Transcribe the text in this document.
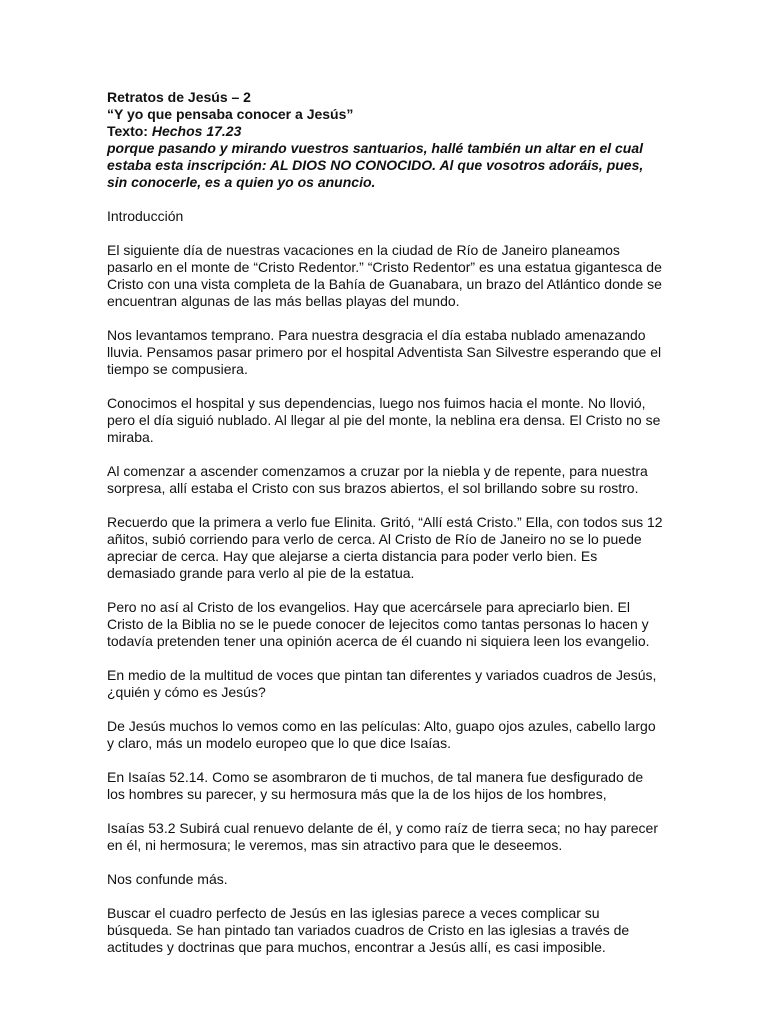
Retratos de Jesús – 2

“Y yo que pensaba conocer a Jesús”

Texto: Hechos 17.23

porque pasando y mirando vuestros santuarios, hallé también un altar en el cual estaba esta inscripción: AL DIOS NO CONOCIDO. Al que vosotros adoráis, pues, sin conocerle, es a quien yo os anuncio.

Introducción

El siguiente día de nuestras vacaciones en la ciudad de Río de Janeiro planeamos pasarlo en el monte de “Cristo Redentor.” “Cristo Redentor” es una estatua gigantesca de Cristo con una vista completa de la Bahía de Guanabara, un brazo del Atlántico donde se encuentran algunas de las más bellas playas del mundo.

Nos levantamos temprano. Para nuestra desgracia el día estaba nublado amenazando lluvia. Pensamos pasar primero por el hospital Adventista San Silvestre esperando que el tiempo se compusiera.

Conocimos el hospital y sus dependencias, luego nos fuimos hacia el monte. No llovió, pero el día siguió nublado. Al llegar al pie del monte, la neblina era densa. El Cristo no se miraba.

Al comenzar a ascender comenzamos a cruzar por la niebla y de repente, para nuestra sorpresa, allí estaba el Cristo con sus brazos abiertos, el sol brillando sobre su rostro.

Recuerdo que la primera a verlo fue Elinita. Gritó, “Allí está Cristo.” Ella, con todos sus 12 añitos, subió corriendo para verlo de cerca. Al Cristo de Río de Janeiro no se lo puede apreciar de cerca. Hay que alejarse a cierta distancia para poder verlo bien. Es demasiado grande para verlo al pie de la estatua.

Pero no así al Cristo de los evangelios. Hay que acercársele para apreciarlo bien. El Cristo de la Biblia no se le puede conocer de lejecitos como tantas personas lo hacen y todavía pretenden tener una opinión acerca de él cuando ni siquiera leen los evangelio.

En medio de la multitud de voces que pintan tan diferentes y variados cuadros de Jesús, ¿quién y cómo es Jesús?

De Jesús muchos lo vemos como en las películas: Alto, guapo ojos azules, cabello largo y claro, más un modelo europeo que lo que dice Isaías.

En Isaías 52.14. Como se asombraron de ti muchos, de tal manera fue desfigurado de los hombres su parecer, y su hermosura más que la de los hijos de los hombres,

Isaías 53.2 Subirá cual renuevo delante de él, y como raíz de tierra seca; no hay parecer en él, ni hermosura; le veremos, mas sin atractivo para que le deseemos.

Nos confunde más.

Buscar el cuadro perfecto de Jesús en las iglesias parece a veces complicar su búsqueda. Se han pintado tan variados cuadros de Cristo en las iglesias a través de actitudes y doctrinas que para muchos, encontrar a Jesús allí, es casi imposible.
